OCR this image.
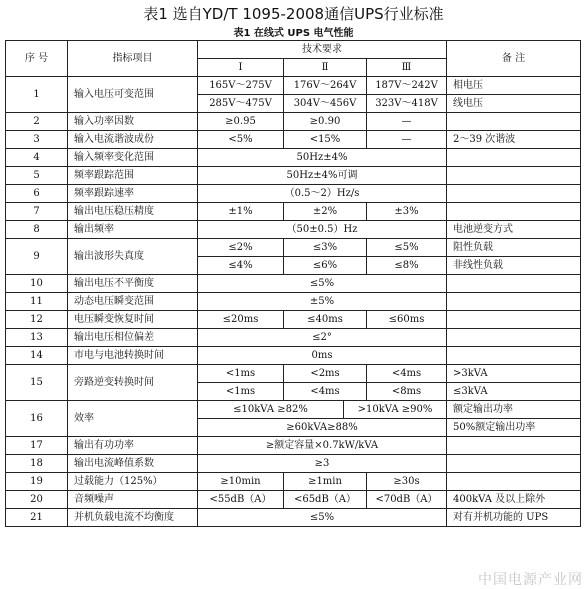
表1 选自YD/T 1095-2008通信UPS行业标准
表1 在线式 UPS 电气性能
序 号	指标项目	技术要求				备 注
		Ⅰ	Ⅱ		Ⅲ	
1	输入电压可变范围	165V～275V	176V～264V		187V～242V	相电压
		285V～475V	304V～456V		323V～418V	线电压
2	输入功率因数	≥0.95	≥0.90		—	
3	输入电流谐波成份	<5%	<15%		—	2～39 次谐波
4	输入频率变化范围	50Hz±4%				
5	频率跟踪范围	50Hz±4%可调				
6	频率跟踪速率	（0.5～2）Hz/s				
7	输出电压稳压精度	±1%	±2%		±3%	
8	输出频率	（50±0.5）Hz				电池逆变方式
9	输出波形失真度	≤2%	≤3%		≤5%	阻性负载
		≤4%	≤6%		≤8%	非线性负载
10	输出电压不平衡度	≤5%				
11	动态电压瞬变范围	±5%				
12	电压瞬变恢复时间	≤20ms	≤40ms		≤60ms	
13	输出电压相位偏差	≤2°				
14	市电与电池转换时间	0ms				
15	旁路逆变转换时间	<1ms	<2ms		<4ms	>3kVA
		<1ms	<4ms		<8ms	≤3kVA
16	效率	≤10kVA ≥82%		>10kVA ≥90%		额定输出功率
		≥60kVA≥88%				50%额定输出功率
17	输出有功功率	≥额定容量×0.7kW/kVA				
18	输出电流峰值系数	≥3				
19	过载能力（125%）	≥10min	≥1min		≥30s	
20	音频噪声	<55dB（A）	<65dB（A）		<70dB（A）	400kVA 及以上除外
21	并机负载电流不均衡度	≤5%				对有并机功能的 UPS
中国电源产业网
